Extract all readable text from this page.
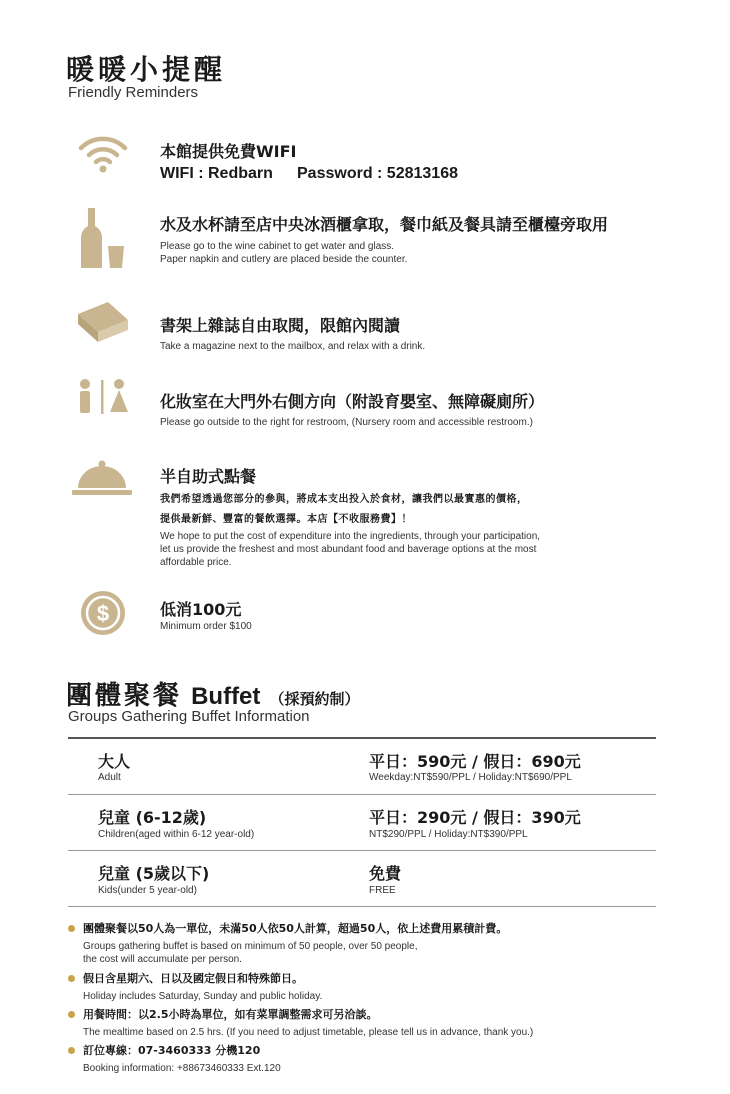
暖暖小提醒
Friendly Reminders
本館提供免費WIFI
WIFI : Redbarn Password : 52813168
水及水杯請至店中央冰酒櫃拿取，餐巾紙及餐具請至櫃檯旁取用
Please go to the wine cabinet to get water and glass.
Paper napkin and cutlery are placed beside the counter.
書架上雜誌自由取閱，限館內閱讀
Take a magazine next to the mailbox, and relax with a drink.
化妝室在大門外右側方向（附設育嬰室、無障礙廁所）
Please go outside to the right for restroom, (Nursery room and accessible restroom.)
半自助式點餐
我們希望透過您部分的參與，將成本支出投入於食材，讓我們以最實惠的價格，
提供最新鮮、豐富的餐飲選擇。本店【不收服務費】！
We hope to put the cost of expenditure into the ingredients, through your participation,
let us provide the freshest and most abundant food and baverage options at the most
affordable price.
$	低消100元
Minimum order $100
團體聚餐 Buffet （採預約制）
Groups Gathering Buffet Information
大人
Adult
平日：590元 / 假日：690元
Weekday:NT$590/PPL / Holiday:NT$690/PPL
兒童 (6-12歲)
Children(aged within 6-12 year-old)
平日：290元 / 假日：390元
NT$290/PPL / Holiday:NT$390/PPL
兒童 (5歲以下)
Kids(under 5 year-old)
免費
FREE
團體聚餐以50人為一單位，未滿50人依50人計算，超過50人，依上述費用累積計費。
Groups gathering buffet is based on minimum of 50 people, over 50 people,
the cost will accumulate per person.
假日含星期六、日以及國定假日和特殊節日。
Holiday includes Saturday, Sunday and public holiday.
用餐時間：以2.5小時為單位，如有菜單調整需求可另洽談。
The mealtime based on 2.5 hrs. (If you need to adjust timetable, please tell us in advance, thank you.)
訂位專線：07-3460333 分機120
Booking information: +88673460333 Ext.120
